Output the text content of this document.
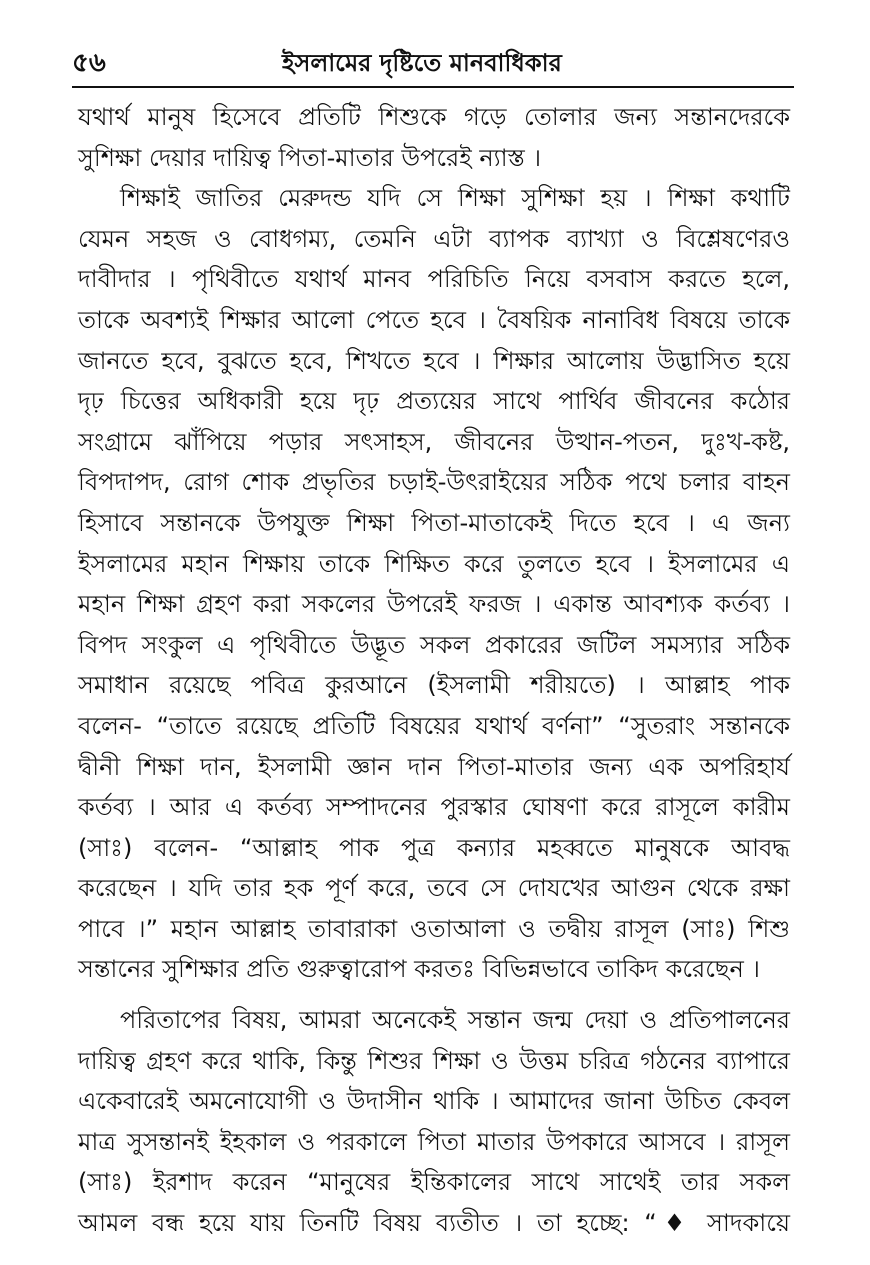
৫৬	ইসলামের দৃষ্টিতে মানবাধিকার
যথার্থ মানুষ হিসেবে প্রতিটি শিশুকে গড়ে তোলার জন্য সন্তানদেরকে
সুশিক্ষা দেয়ার দায়িত্ব পিতা-মাতার উপরেই ন্যাস্ত ।
শিক্ষাই জাতির মেরুদন্ড যদি সে শিক্ষা সুশিক্ষা হয় । শিক্ষা কথাটি
যেমন সহজ ও বোধগম্য, তেমনি এটা ব্যাপক ব্যাখ্যা ও বিশ্লেষণেরও
দাবীদার । পৃথিবীতে যথার্থ মানব পরিচিতি নিয়ে বসবাস করতে হলে,
তাকে অবশ্যই শিক্ষার আলো পেতে হবে । বৈষয়িক নানাবিধ বিষয়ে তাকে
জানতে হবে, বুঝতে হবে, শিখতে হবে । শিক্ষার আলোয় উদ্ভাসিত হয়ে
দৃঢ় চিত্তের অধিকারী হয়ে দৃঢ় প্রত্যয়ের সাথে পার্থিব জীবনের কঠোর
সংগ্রামে ঝাঁপিয়ে পড়ার সৎসাহস, জীবনের উত্থান-পতন, দুঃখ-কষ্ট,
বিপদাপদ, রোগ শোক প্রভৃতির চড়াই-উৎরাইয়ের সঠিক পথে চলার বাহন
হিসাবে সন্তানকে উপযুক্ত শিক্ষা পিতা-মাতাকেই দিতে হবে । এ জন্য
ইসলামের মহান শিক্ষায় তাকে শিক্ষিত করে তুলতে হবে । ইসলামের এ
মহান শিক্ষা গ্রহণ করা সকলের উপরেই ফরজ । একান্ত আবশ্যক কর্তব্য ।
বিপদ সংকুল এ পৃথিবীতে উদ্ভূত সকল প্রকারের জটিল সমস্যার সঠিক
সমাধান রয়েছে পবিত্র কুরআনে (ইসলামী শরীয়তে) । আল্লাহ পাক
বলেন- “তাতে রয়েছে প্রতিটি বিষয়ের যথার্থ বর্ণনা” “সুতরাং সন্তানকে
দ্বীনী শিক্ষা দান, ইসলামী জ্ঞান দান পিতা-মাতার জন্য এক অপরিহার্য
কর্তব্য । আর এ কর্তব্য সম্পাদনের পুরস্কার ঘোষণা করে রাসূলে কারীম
(সাঃ) বলেন- “আল্লাহ পাক পুত্র কন্যার মহব্বতে মানুষকে আবদ্ধ
করেছেন । যদি তার হক পূর্ণ করে, তবে সে দোযখের আগুন থেকে রক্ষা
পাবে ।” মহান আল্লাহ তাবারাকা ওতাআলা ও তদ্বীয় রাসূল (সাঃ) শিশু
সন্তানের সুশিক্ষার প্রতি গুরুত্বারোপ করতঃ বিভিন্নভাবে তাকিদ করেছেন ।
পরিতাপের বিষয়, আমরা অনেকেই সন্তান জন্ম দেয়া ও প্রতিপালনের
দায়িত্ব গ্রহণ করে থাকি, কিন্তু শিশুর শিক্ষা ও উত্তম চরিত্র গঠনের ব্যাপারে
একেবারেই অমনোযোগী ও উদাসীন থাকি । আমাদের জানা উচিত কেবল
মাত্র সুসন্তানই ইহকাল ও পরকালে পিতা মাতার উপকারে আসবে । রাসূল
(সাঃ) ইরশাদ করেন “মানুষের ইন্তিকালের সাথে সাথেই তার সকল
আমল বন্ধ হয়ে যায় তিনটি বিষয় ব্যতীত । তা হচ্ছে: “♦ সাদকায়ে
